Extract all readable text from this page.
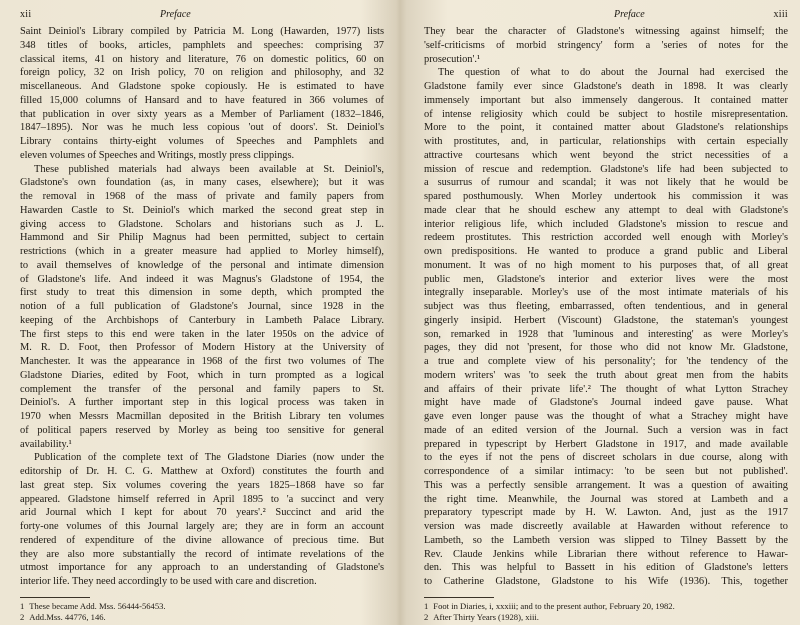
xii	Preface
Saint Deiniol's Library compiled by Patricia M. Long (Hawarden, 1977) lists
348 titles of books, articles, pamphlets and speeches: comprising 37
classical items, 41 on history and literature, 76 on domestic politics, 60 on
foreign policy, 32 on Irish policy, 70 on religion and philosophy, and 32
miscellaneous. And Gladstone spoke copiously. He is estimated to have
filled 15,000 columns of Hansard and to have featured in 366 volumes of
that publication in over sixty years as a Member of Parliament (1832–1846,
1847–1895). Nor was he much less copious 'out of doors'. St. Deiniol's
Library contains thirty-eight volumes of Speeches and Pamphlets and
eleven volumes of Speeches and Writings, mostly press clippings.
These published materials had always been available at St. Deiniol's,
Gladstone's own foundation (as, in many cases, elsewhere); but it was
the removal in 1968 of the mass of private and family papers from
Hawarden Castle to St. Deiniol's which marked the second great step in
giving access to Gladstone. Scholars and historians such as J. L.
Hammond and Sir Philip Magnus had been permitted, subject to certain
restrictions (which in a greater measure had applied to Morley himself),
to avail themselves of knowledge of the personal and intimate dimension
of Gladstone's life. And indeed it was Magnus's Gladstone of 1954, the
first study to treat this dimension in some depth, which prompted the
notion of a full publication of Gladstone's Journal, since 1928 in the
keeping of the Archbishops of Canterbury in Lambeth Palace Library.
The first steps to this end were taken in the later 1950s on the advice of
M. R. D. Foot, then Professor of Modern History at the University of
Manchester. It was the appearance in 1968 of the first two volumes of The
Gladstone Diaries, edited by Foot, which in turn prompted as a logical
complement the transfer of the personal and family papers to St.
Deiniol's. A further important step in this logical process was taken in
1970 when Messrs Macmillan deposited in the British Library ten volumes
of political papers reserved by Morley as being too sensitive for general
availability.¹
Publication of the complete text of The Gladstone Diaries (now under the
editorship of Dr. H. C. G. Matthew at Oxford) constitutes the fourth and
last great step. Six volumes covering the years 1825–1868 have so far
appeared. Gladstone himself referred in April 1895 to 'a succinct and very
arid Journal which I kept for about 70 years'.² Succinct and arid the
forty-one volumes of this Journal largely are; they are in form an account
rendered of expenditure of the divine allowance of precious time. But
they are also more substantially the record of intimate revelations of the
utmost importance for any approach to an understanding of Gladstone's
interior life. They need accordingly to be used with care and discretion.
1 These became Add. Mss. 56444-56453.
2 Add.Mss. 44776, 146.
Preface	xiii
They bear the character of Gladstone's witnessing against himself; the
'self-criticisms of morbid stringency' form a 'series of notes for the
prosecution'.¹
The question of what to do about the Journal had exercised the
Gladstone family ever since Gladstone's death in 1898. It was clearly
immensely important but also immensely dangerous. It contained matter
of intense religiosity which could be subject to hostile misrepresentation.
More to the point, it contained matter about Gladstone's relationships
with prostitutes, and, in particular, relationships with certain especially
attractive courtesans which went beyond the strict necessities of a
mission of rescue and redemption. Gladstone's life had been subjected to
a susurrus of rumour and scandal; it was not likely that he would be
spared posthumously. When Morley undertook his commission it was
made clear that he should eschew any attempt to deal with Gladstone's
interior religious life, which included Gladstone's mission to rescue and
redeem prostitutes. This restriction accorded well enough with Morley's
own predispositions. He wanted to produce a grand public and Liberal
monument. It was of no high moment to his purposes that, of all great
public men, Gladstone's interior and exterior lives were the most
integrally inseparable. Morley's use of the most intimate materials of his
subject was thus fleeting, embarrassed, often tendentious, and in general
gingerly insipid. Herbert (Viscount) Gladstone, the stateman's youngest
son, remarked in 1928 that 'luminous and interesting' as were Morley's
pages, they did not 'present, for those who did not know Mr. Gladstone,
a true and complete view of his personality'; for 'the tendency of the
modern writers' was 'to seek the truth about great men from the habits
and affairs of their private life'.² The thought of what Lytton Strachey
might have made of Gladstone's Journal indeed gave pause. What
gave even longer pause was the thought of what a Strachey might have
made of an edited version of the Journal. Such a version was in fact
prepared in typescript by Herbert Gladstone in 1917, and made available
to the eyes if not the pens of discreet scholars in due course, along with
correspondence of a similar intimacy: 'to be seen but not published'.
This was a perfectly sensible arrangement. It was a question of awaiting
the right time. Meanwhile, the Journal was stored at Lambeth and a
preparatory typescript made by H. W. Lawton. And, just as the 1917
version was made discreetly available at Hawarden without reference to
Lambeth, so the Lambeth version was slipped to Tilney Bassett by the
Rev. Claude Jenkins while Librarian there without reference to Hawar-
den. This was helpful to Bassett in his edition of Gladstone's letters
to Catherine Gladstone, Gladstone to his Wife (1936). This, together
1 Foot in Diaries, i, xxxiii; and to the present author, February 20, 1982.
2 After Thirty Years (1928), xiii.
